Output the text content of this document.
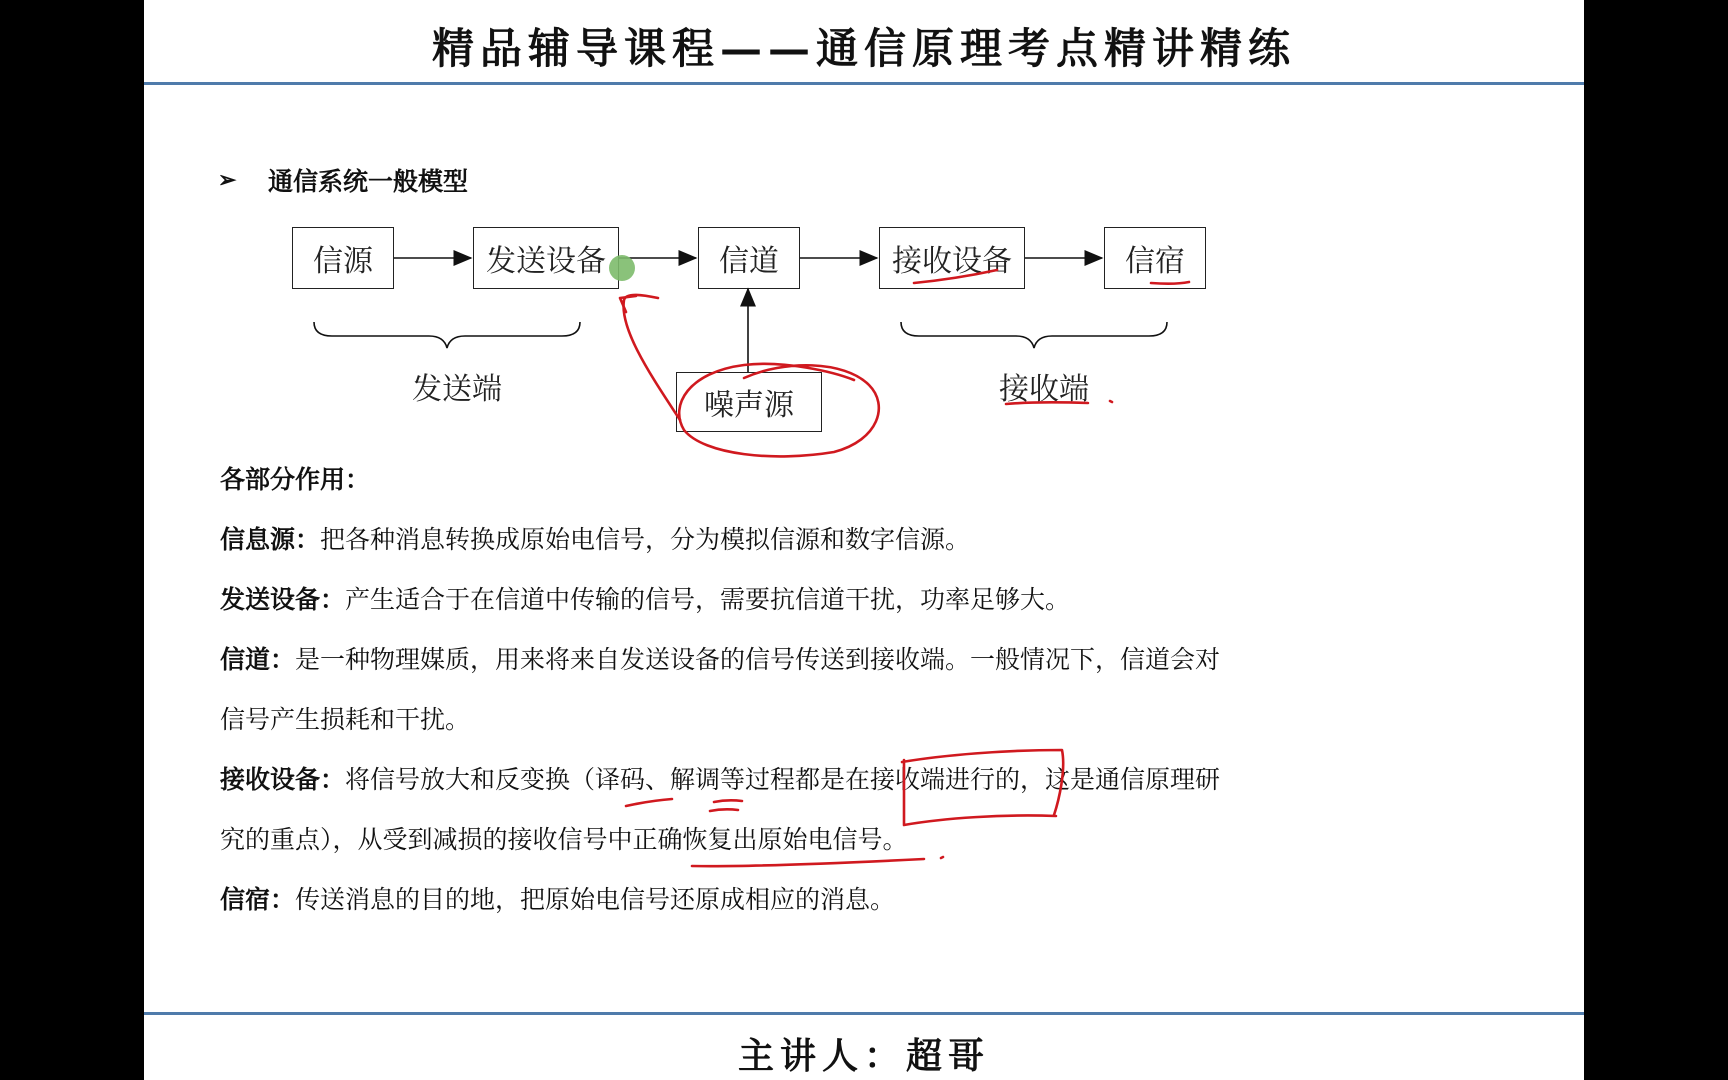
精品辅导课程——通信原理考点精讲精练
➢ 通信系统一般模型
信源	发送设备	信道	接收设备	信宿
噪声源
发送端	接收端
各部分作用：
信息源：把各种消息转换成原始电信号，分为模拟信源和数字信源。
发送设备：产生适合于在信道中传输的信号，需要抗信道干扰，功率足够大。
信道：是一种物理媒质，用来将来自发送设备的信号传送到接收端。一般情况下，信道会对
信号产生损耗和干扰。
接收设备：将信号放大和反变换（译码、解调等过程都是在接收端进行的，这是通信原理研
究的重点），从受到减损的接收信号中正确恢复出原始电信号。
信宿：传送消息的目的地，把原始电信号还原成相应的消息。
主讲人：超哥
